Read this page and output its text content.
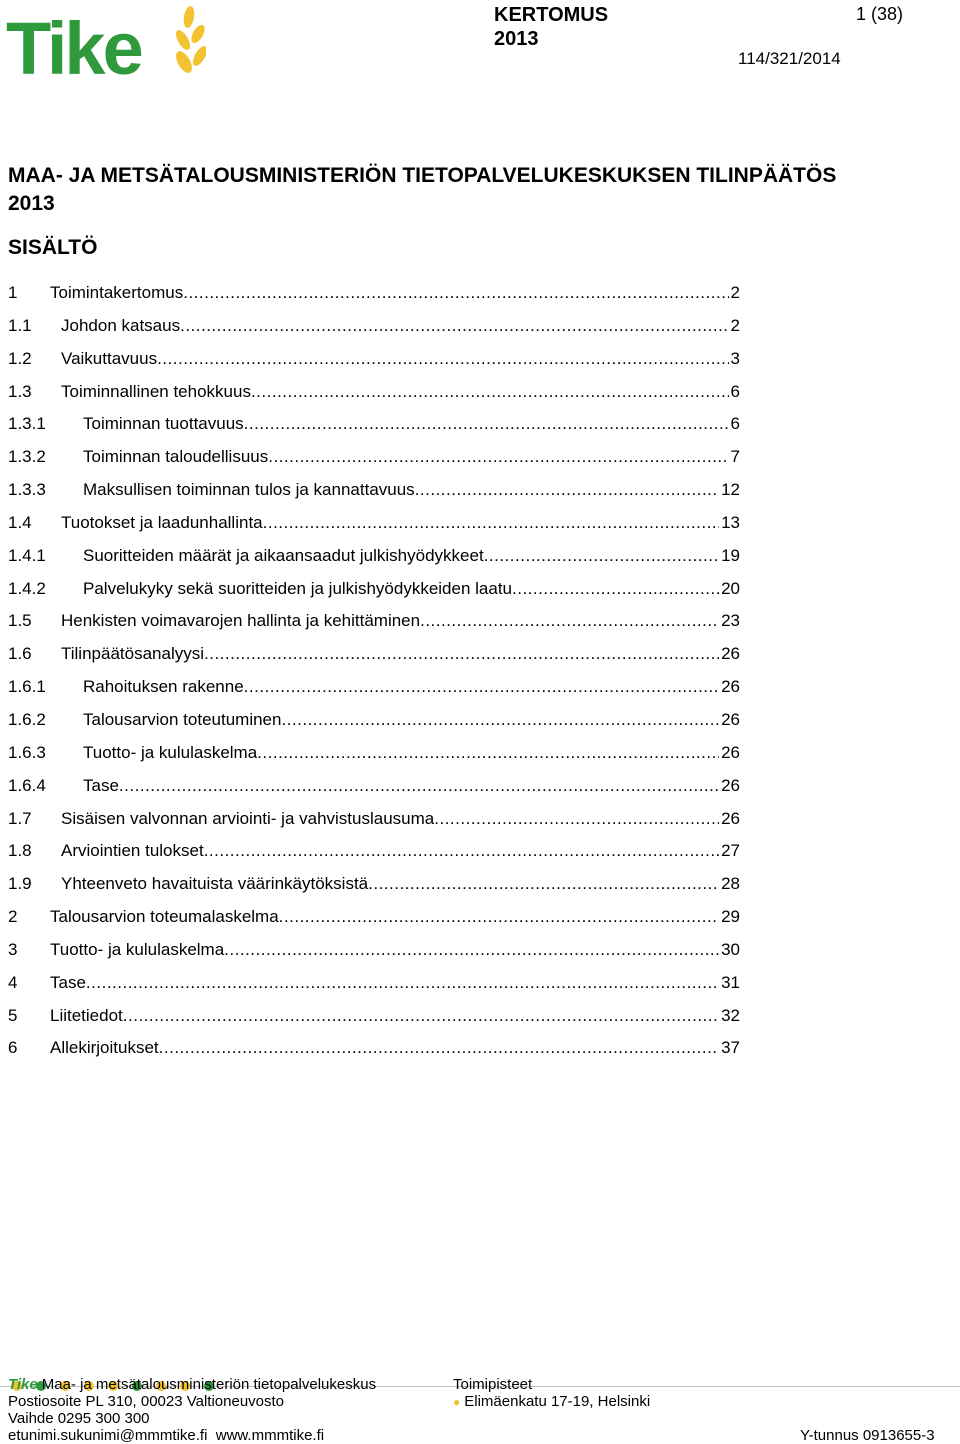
Tike	KERTOMUS
2013
114/321/2014
1 (38)
MAA- JA METSÄTALOUSMINISTERIÖN TIETOPALVELUKESKUKSEN TILINPÄÄTÖS
2013
SISÄLTÖ
1	Toimintakertomus .....	2
1.1	Johdon katsaus .....	2
1.2	Vaikuttavuus .....	3
1.3	Toiminnallinen tehokkuus .....	6
1.3.1	Toiminnan tuottavuus .....	6
1.3.2	Toiminnan taloudellisuus .....	7
1.3.3	Maksullisen toiminnan tulos ja kannattavuus .....	12
1.4	Tuotokset ja laadunhallinta .....	13
1.4.1	Suoritteiden määrät ja aikaansaadut julkishyödykkeet .....	19
1.4.2	Palvelukyky sekä suoritteiden ja julkishyödykkeiden laatu .....	20
1.5	Henkisten voimavarojen hallinta ja kehittäminen .....	23
1.6	Tilinpäätösanalyysi .....	26
1.6.1	Rahoituksen rakenne .....	26
1.6.2	Talousarvion toteutuminen .....	26
1.6.3	Tuotto- ja kululaskelma .....	26
1.6.4	Tase .....	26
1.7	Sisäisen valvonnan arviointi- ja vahvistuslausuma .....	26
1.8	Arviointien tulokset .....	27
1.9	Yhteenveto havaituista väärinkäytöksistä .....	28
2	Talousarvion toteumalaskelma .....	29
3	Tuotto- ja kululaskelma .....	30
4	Tase .....	31
5	Liitetiedot .....	32
6	Allekirjoitukset .....	37
Tike Maa- ja metsätalousministeriön tietopalvelukeskus
Postiosoite PL 310, 00023 Valtioneuvosto
Vaihde 0295 300 300
etunimi.sukunimi@mmmtike.fi  www.mmmtike.fi
Toimipisteet
● Elimäenkatu 17-19, Helsinki
Y-tunnus 0913655-3
